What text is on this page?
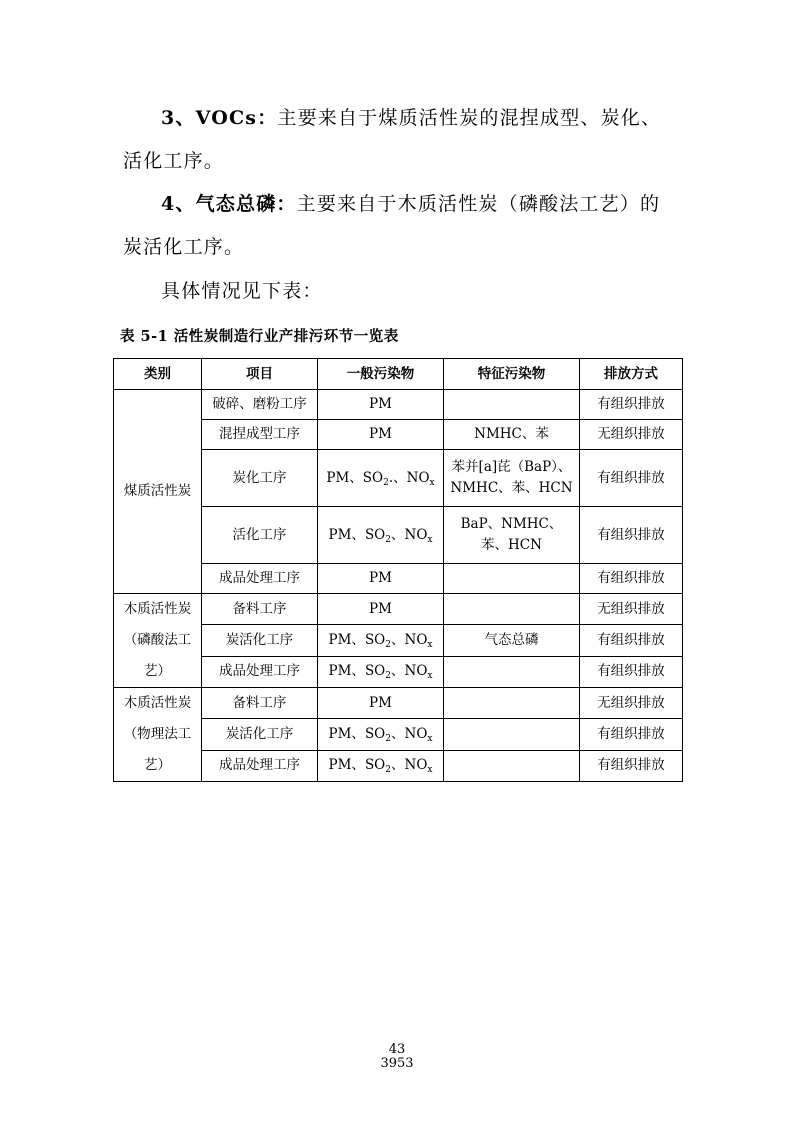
3、VOCs：主要来自于煤质活性炭的混捏成型、炭化、活化工序。

4、气态总磷：主要来自于木质活性炭（磷酸法工艺）的炭活化工序。

具体情况见下表：

表 5-1 活性炭制造行业产排污环节一览表
类别	项目	一般污染物	特征污染物	排放方式
煤质活性炭	破碎、磨粉工序	PM		有组织排放
	混捏成型工序	PM	NMHC、苯	无组织排放
	炭化工序	PM、$SO_2$.、$NO_x$	苯并[a]芘（BaP）、NMHC、苯、HCN	有组织排放
	活化工序	PM、$SO_2$、$NO_x$	BaP、NMHC、苯、HCN	有组织排放
	成品处理工序	PM		有组织排放
木质活性炭（磷酸法工艺）	备料工序	PM		无组织排放
	炭活化工序	PM、$SO_2$、$NO_x$	气态总磷	有组织排放
	成品处理工序	PM、$SO_2$、$NO_x$		有组织排放
木质活性炭（物理法工艺）	备料工序	PM		无组织排放
	炭活化工序	PM、$SO_2$、$NO_x$		有组织排放
	成品处理工序	PM、$SO_2$、$NO_x$		有组织排放
43
3953
